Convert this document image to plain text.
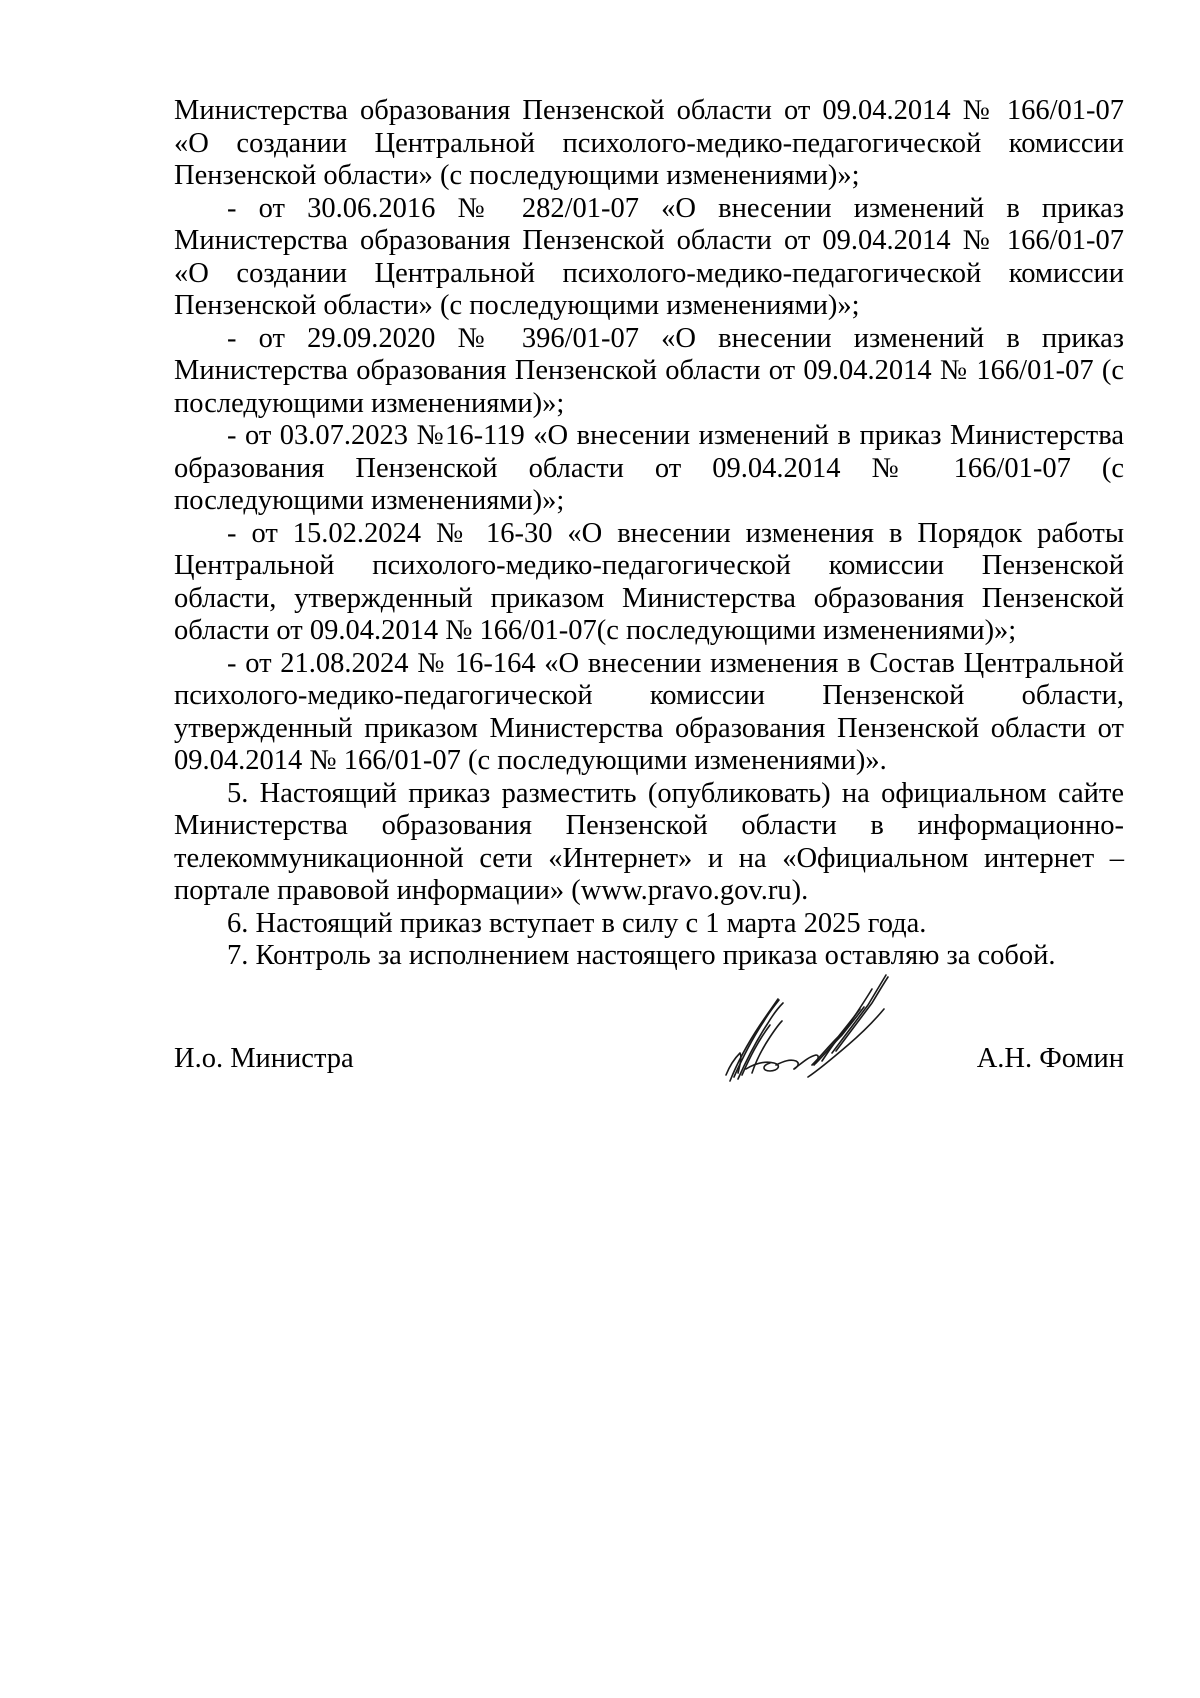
Министерства образования Пензенской области от 09.04.2014 № 166/01-07 «О создании Центральной психолого-медико-педагогической комиссии Пензенской области» (с последующими изменениями)»;

- от 30.06.2016 № 282/01-07 «О внесении изменений в приказ Министерства образования Пензенской области от 09.04.2014 № 166/01-07 «О создании Центральной психолого-медико-педагогической комиссии Пензенской области» (с последующими изменениями)»;

- от 29.09.2020 № 396/01-07 «О внесении изменений в приказ Министерства образования Пензенской области от 09.04.2014 № 166/01-07 (с последующими изменениями)»;

- от 03.07.2023 №16-119 «О внесении изменений в приказ Министерства образования Пензенской области от 09.04.2014 № 166/01-07 (с последующими изменениями)»;

- от 15.02.2024 № 16-30 «О внесении изменения в Порядок работы Центральной психолого-медико-педагогической комиссии Пензенской области, утвержденный приказом Министерства образования Пензенской области от 09.04.2014 № 166/01-07(с последующими изменениями)»;

- от 21.08.2024 № 16-164 «О внесении изменения в Состав Центральной психолого-медико-педагогической комиссии Пензенской области, утвержденный приказом Министерства образования Пензенской области от 09.04.2014 № 166/01-07 (с последующими изменениями)».

5. Настоящий приказ разместить (опубликовать) на официальном сайте Министерства образования Пензенской области в информационно-телекоммуникационной сети «Интернет» и на «Официальном интернет – портале правовой информации» (www.pravo.gov.ru).

6. Настоящий приказ вступает в силу с 1 марта 2025 года.

7. Контроль за исполнением настоящего приказа оставляю за собой.

И.о. Министра	А.Н. Фомин
